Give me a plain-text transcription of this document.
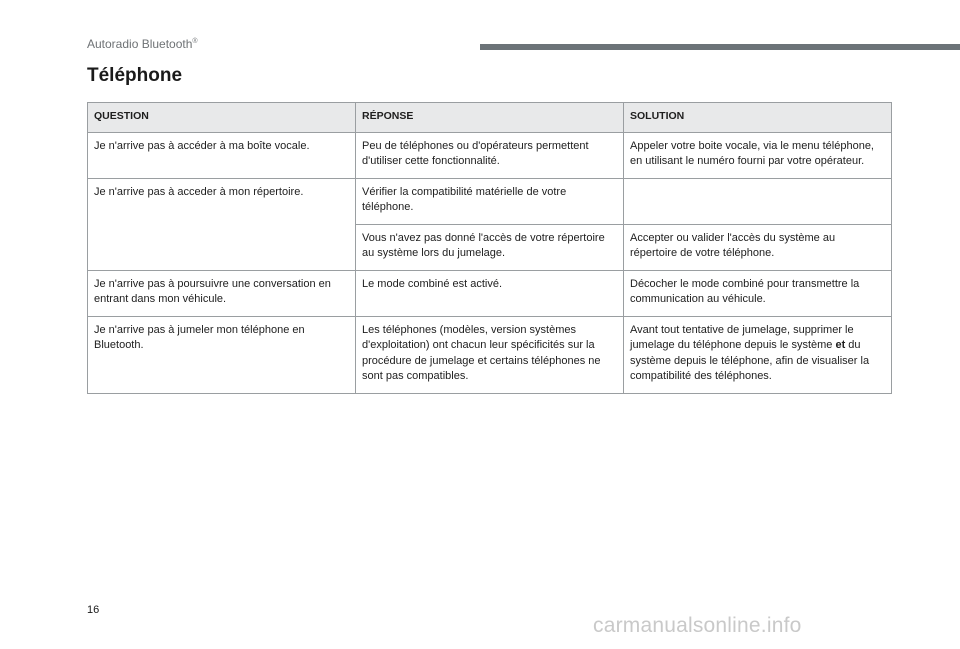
Autoradio Bluetooth®
Téléphone
QUESTION	RÉPONSE	SOLUTION
Je n'arrive pas à accéder à ma boîte vocale.	Peu de téléphones ou d'opérateurs permettent d'utiliser cette fonctionnalité.	Appeler votre boite vocale, via le menu téléphone, en utilisant le numéro fourni par votre opérateur.
Je n'arrive pas à acceder à mon répertoire.	Vérifier la compatibilité matérielle de votre téléphone.	
	Vous n'avez pas donné l'accès de votre répertoire au système lors du jumelage.	Accepter ou valider l'accès du système au répertoire de votre téléphone.
Je n'arrive pas à poursuivre une conversation en entrant dans mon véhicule.	Le mode combiné est activé.	Décocher le mode combiné pour transmettre la communication au véhicule.
Je n'arrive pas à jumeler mon téléphone en Bluetooth.	Les téléphones (modèles, version systèmes d'exploitation) ont chacun leur spécificités sur la procédure de jumelage et certains téléphones ne sont pas compatibles.	Avant tout tentative de jumelage, supprimer le jumelage du téléphone depuis le système et du système depuis le téléphone, afin de visualiser la compatibilité des téléphones.
16
carmanualsonline.info
